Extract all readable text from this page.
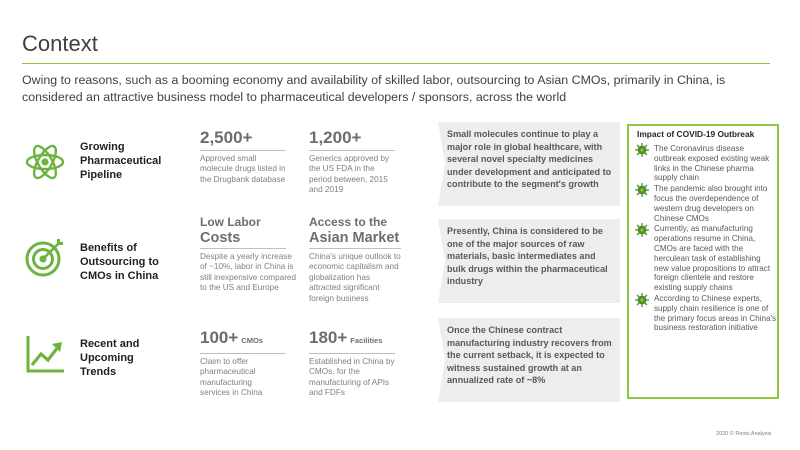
Context
Owing to reasons, such as a booming economy and availability of skilled labor, outsourcing to Asian CMOs, primarily in China, is considered an attractive business model to pharmaceutical developers / sponsors, across the world
Growing Pharmaceutical Pipeline
2,500+
Approved small molecule drugs listed in the Drugbank database
1,200+
Generics approved by the US FDA in the period between, 2015 and 2019
Small molecules continue to play a major role in global healthcare, with several novel specialty medicines under development and anticipated to contribute to the segment's growth
Benefits of Outsourcing to CMOs in China
Low Labor
Costs
Despite a yearly increase of ~10%, labor in China is still inexpensive compared to the US and Europe
Access to the
Asian Market
China's unique outlook to economic capitalism and globalization has attracted significant foreign business
Presently, China is considered to be one of the major sources of raw materials, basic intermediates and bulk drugs within the pharmaceutical industry
Recent and Upcoming Trends
100+ CMOs
Claim to offer pharmaceutical manufacturing services in China
180+ Facilities
Established in China by CMOs, for the manufacturing of APIs and FDFs
Once the Chinese contract manufacturing industry recovers from the current setback, it is expected to witness sustained growth at an annualized rate of ~8%
Impact of COVID-19 Outbreak
The Coronavirus disease outbreak exposed existing weak links in the Chinese pharma supply chain
The pandemic also brought into focus the overdependence of western drug developers on Chinese CMOs
Currently, as manufacturing operations resume in China, CMOs are faced with the herculean task of establishing new value propositions to attract foreign clientele and restore existing supply chains
According to Chinese experts, supply chain resilience is one of the primary focus areas in China's business restoration initiative
2020 © Roots Analysis
